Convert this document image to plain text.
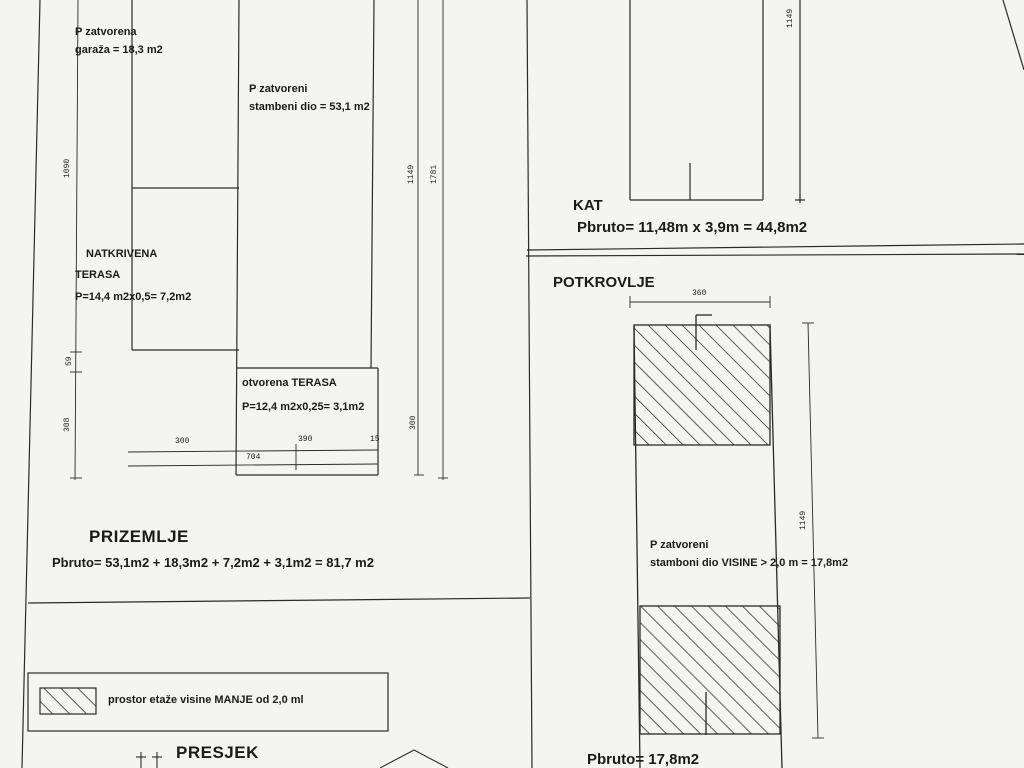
P zatvorena
garaža = 18,3 m2
P zatvoreni
stambeni dio = 53,1 m2
NATKRIVENA
TERASA
P=14,4 m2x0,5= 7,2m2
otvorena TERASA
P=12,4 m2x0,25= 3,1m2
300	390	15
704
1090
59
308
1149 1781
300
PRIZEMLJE
Pbruto= 53,1m2 + 18,3m2 + 7,2m2 + 3,1m2 = 81,7 m2
1149
KAT
Pbruto= 11,48m x 3,9m = 44,8m2
POTKROVLJE
360
1149
P zatvoreni
stamboni dio VISINE > 2,0 m = 17,8m2
Pbruto= 17,8m2
prostor etaže visine MANJE od 2,0 ml
PRESJEK
